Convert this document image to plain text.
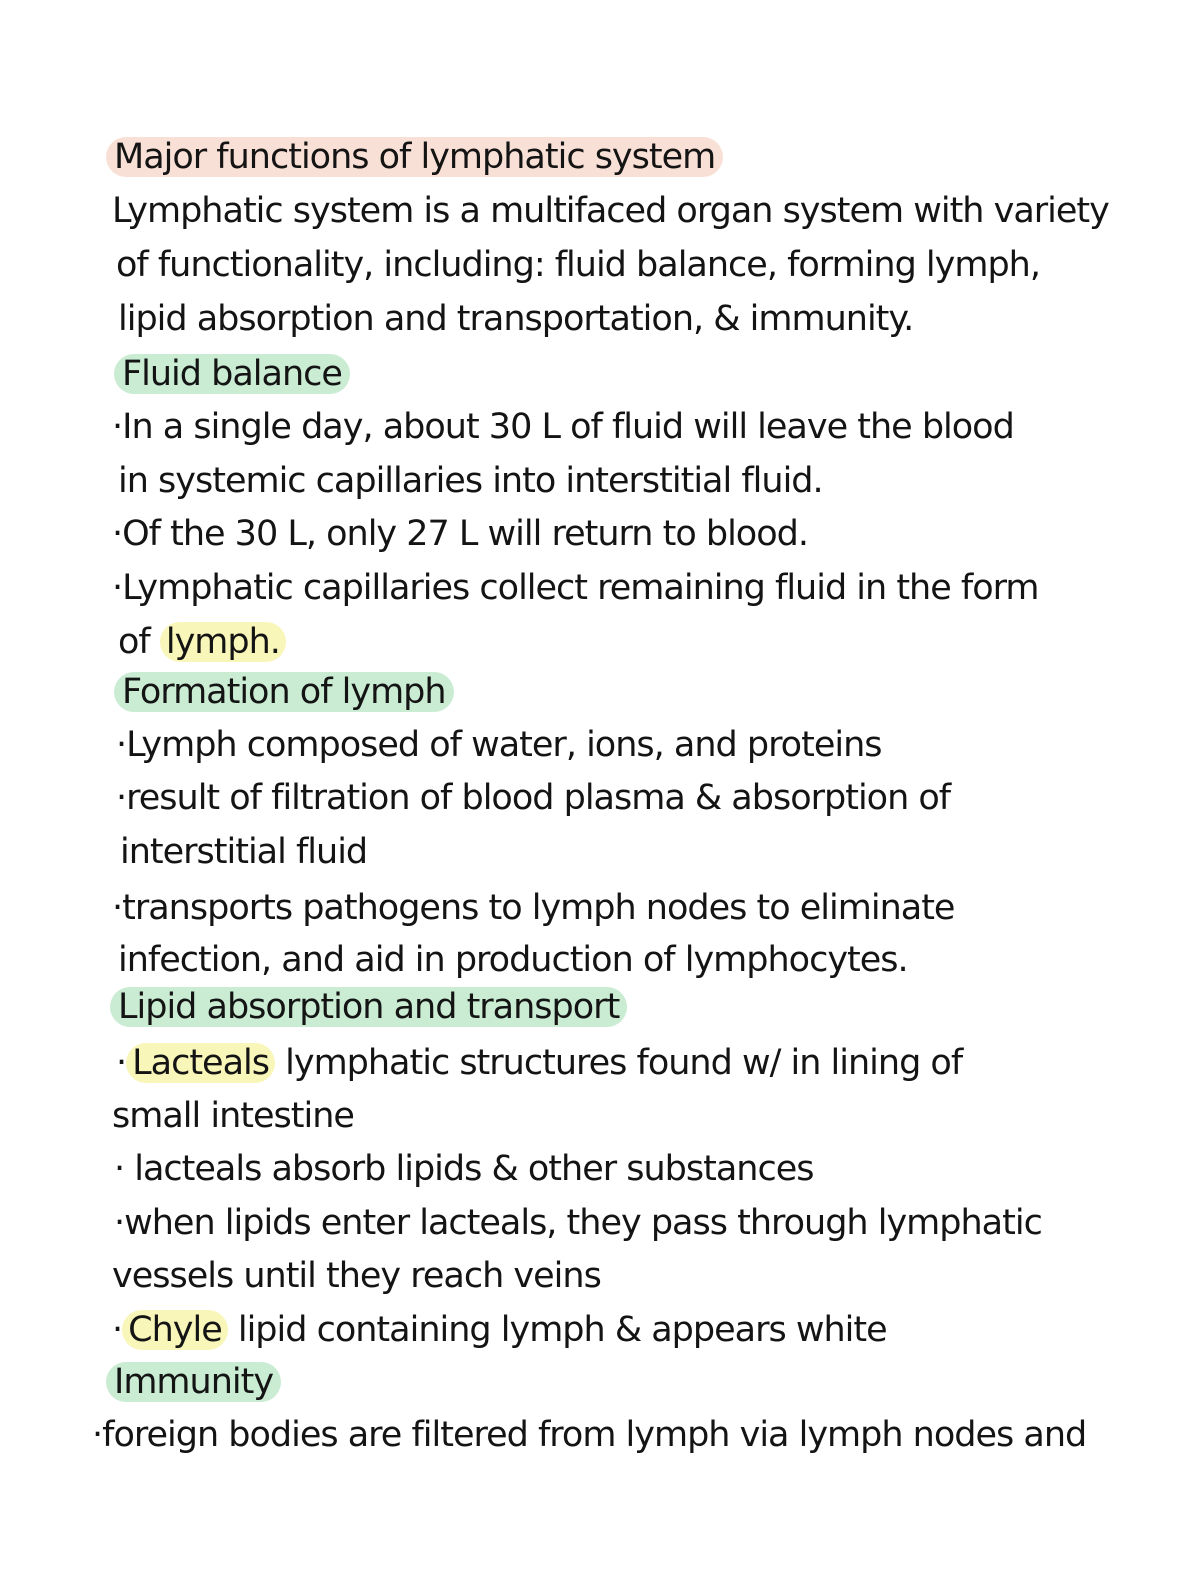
Major functions of lymphatic system
Lymphatic system is a multifaced organ system with variety
of functionality, including: fluid balance, forming lymph,
lipid absorption and transportation, & immunity.
Fluid balance
·In a single day, about 30 L of fluid will leave the blood
in systemic capillaries into interstitial fluid.
·Of the 30 L, only 27 L will return to blood.
·Lymphatic capillaries collect remaining fluid in the form
of lymph.
Formation of lymph
·Lymph composed of water, ions, and proteins
·result of filtration of blood plasma & absorption of
interstitial fluid
·transports pathogens to lymph nodes to eliminate
infection, and aid in production of lymphocytes.
Lipid absorption and transport
· Lacteals lymphatic structures found w/ in lining of
small intestine
· lacteals absorb lipids & other substances
·when lipids enter lacteals, they pass through lymphatic
vessels until they reach veins
· Chyle lipid containing lymph & appears white
Immunity
·foreign bodies are filtered from lymph via lymph nodes and
